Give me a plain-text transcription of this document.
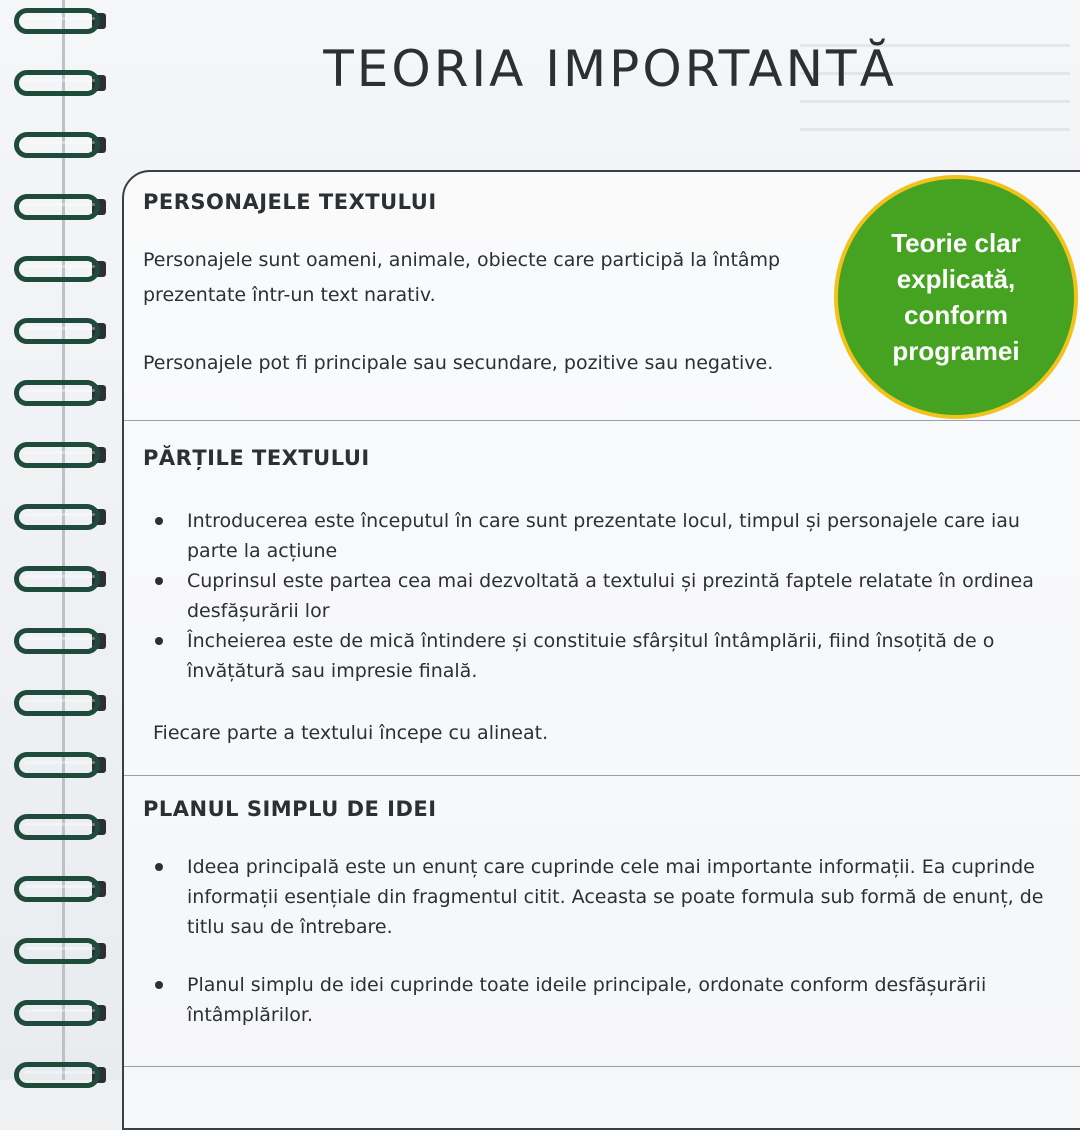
TEORIA IMPORTANTĂ
PERSONAJELE TEXTULUI
Personajele sunt oameni, animale, obiecte care participă la întâmp
prezentate într-un text narativ.
Personajele pot fi principale sau secundare, pozitive sau negative.
PĂRȚILE TEXTULUI
Introducerea este începutul în care sunt prezentate locul, timpul și personajele care iau parte la acțiune
Cuprinsul este partea cea mai dezvoltată a textului și prezintă faptele relatate în ordinea desfășurării lor
Încheierea este de mică întindere și constituie sfârșitul întâmplării, fiind însoțită de o învățătură sau impresie finală.
Fiecare parte a textului începe cu alineat.
PLANUL SIMPLU DE IDEI
Ideea principală este un enunț care cuprinde cele mai importante informații. Ea cuprinde informații esențiale din fragmentul citit. Aceasta se poate formula sub formă de enunț, de titlu sau de întrebare.
Planul simplu de idei cuprinde toate ideile principale, ordonate conform desfășurării întâmplărilor.
Teorie clar explicată, conform programei
